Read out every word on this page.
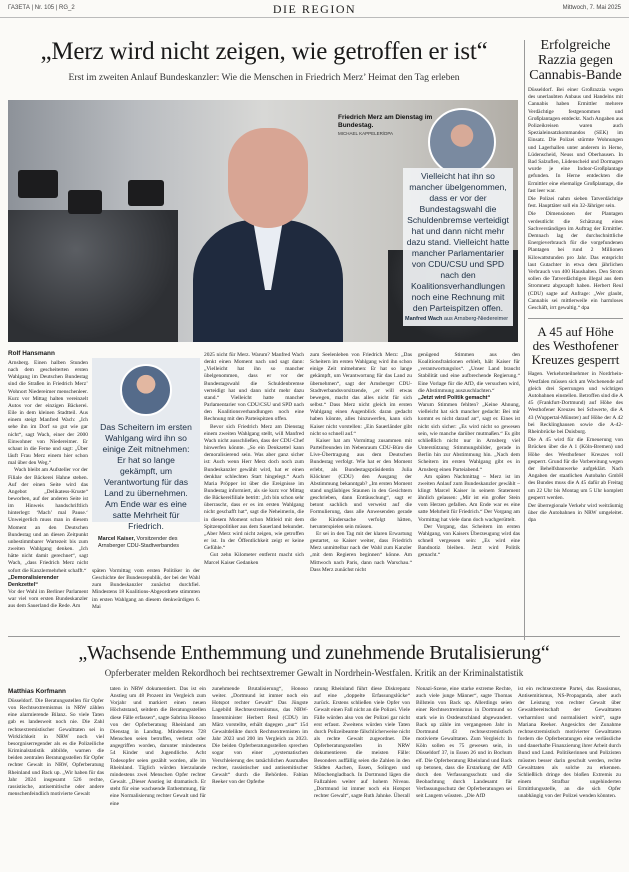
ГАЗЕТА | Nr. 105 | RG_2	DIE REGION	Mittwoch, 7. Mai 2025
„Merz wird nicht zeigen, wie getroffen er ist“
Erst im zweiten Anlauf Bundeskanzler: Wie die Menschen in Friedrich Merz’ Heimat den Tag erleben
Friedrich Merz am Dienstag im Bundestag.
MICHAEL KAPPELER/DPA
Vielleicht hat ihn so mancher übelgenommen, dass er vor der Bundestagswahl die Schuldenbremse verteidigt hat und dann nicht mehr dazu stand. Vielleicht hatte mancher Parlamentarier von CDU/CSU und SPD nach den Koalitionsverhandlungen noch eine Rechnung mit den Parteispitzen offen.
Manfred Wach aus Arnsberg-Niedereimer
Erfolgreiche Razzia gegen Cannabis-Bande

Düsseldorf. Bei einer Großrazzia wegen des unerlaubten Anbaus und Handelns mit Cannabis haben Ermittler mehrere Verdächtige festgenommen und Großplantagen entdeckt. Nach Angaben aus Polizeikreisen waren auch Spezialeinsatzkommandos (SEK) im Einsatz. Die Polizei stürmte Wohnungen und Lagerhallen unter anderem in Herne, Lüdenscheid, Neuss und Oberhausen. In Bad Salzuflen, Lüdenscheid und Dormagen wurde je eine Indoor-Großplantage gefunden. In Herne entdeckten die Ermittler eine ehemalige Großplantage, die fast leer war.

Die Polizei nahm sieben Tatverdächtige fest. Haupttäter soll ein 32-Jähriger sein.

Die Dimensionen der Plantagen verdeutlicht die Schätzung eines Sachverständigen im Auftrag der Ermittler. Demnach lag der durchschnittliche Energieverbrauch für die vorgefundenen Plantagen bei rund 2 Millionen Kilowattstunden pro Jahr. Das entspricht laut Gutachter in etwa dem jährlichen Verbrauch von 400 Haushalten. Den Strom sollen die Tatverdächtigen illegal aus dem Stromnetz abgezapft haben. Herbert Reul (CDU) sagte auf Anfrage: „Wer glaubt, Cannabis sei mittlerweile ein harmloses Geschäft, irrt gewaltig.“ dpa

A 45 auf Höhe des Westhofener Kreuzes gesperrt

Hagen. Verkehrsteilnehmer in Nordrhein-Westfalen müssen sich am Wochenende auf gleich drei Sperrungen und wichtigen Autobahnen einstellen. Betroffen sind die A 45 (Frankfurt-Dortmund) auf Höhe des Westhofener Kreuzes bei Schwerte, die A 43 (Wuppertal-Münster) auf Höhe der A 42 bei Recklinghausen sowie die A-42-Rheinbrücke bei Duisburg.

Die A 45 wird für die Erneuerung von Brücken über die A 1 (Köln-Bremen) und Höhe des Westhofener Kreuzes voll gesperrt. Grund für die Vorbereitung wegen der Behelfsbauwerke aufgeklärt. Nach Angaben der staatlichen Autobahn GmbH des Bundes muss die A 45 dafür ab Freitag um 22 Uhr bis Montag um 5 Uhr komplett gesperrt werden.

Der überregionale Verkehr wird weiträumig über die Autobahnen in NRW umgeleitet. dpa

Rolf Hansmann

Arnsberg. Einen halben Stunden nach dem gescheiterten ersten Wahlgang im Deutschen Bundestag sind die Straßen in Friedrich Merz’ Wohnort Niedereimer menschenleer. Kurz vor Mittag halten vereinzelt Autos vor der einzigen Bäckerei. Eile in dem kleinen Stadtteil. Aus einem steigt Manfred Wach: „Ich sehe ihn im Dorf so gut wie gar nicht“, sagt Wach, einer der 2000 Einwohner von Niedereimer. Er schaut in die Ferne und sagt: „Über läuft Frau Merz einem hier schon mal über den Weg.“

Wach bleibt am Aufsteller vor der Filiale der Bäckerei Hahne stehen. Auf der einen Seite wird das Angebot „Delikatess-Kruste“ beworben, auf der anderen Seite ist im Hinweis handschriftlich hinterlegt: ‘Mach’ mal Pause.‘ Unweigerlich muss man in diesem Moment an den Deutschen Bundestag und an diesen Zeitpunkt unbestimmbarer Wartezeit bis zum zweiten Wahlgang denken. „Ich hätte nicht damit gerechnet“, sagt Wach, „dass Friedrich Merz nicht sofort die Kanzlermehrheit schafft.“

„Demoralisierender Denkzettel“

Vor der Wahl im Berliner Parlament war viel vom ersten Bundeskanzler aus dem Sauerland die Rede. Am

Das Scheitern im ersten Wahlgang wird ihn so einige Zeit mitnehmen: Er hat so lange gekämpft, um Verantwortung für das Land zu übernehmen. Am Ende war es eine satte Mehrheit für Friedrich.
Marcel Kaiser, Vorsitzender des Arnsberger CDU-Stadtverbandes

späten Vormittag vom ersten Politiker in der Geschichte der Bundesrepublik, der bei der Wahl zum Bundeskanzler zunächst durchfiel. Mindestens 18 Koalitions-Abgeordnete stimmten im ersten Wahlgang an diesem denkwürdigen 6. Mai

2025 nicht für Merz. Warum? Manfred Wach denkt einen Moment nach und sagt dann: „Vielleicht hat ihn so mancher übelgenommen, dass er vor der Bundestagswahl die Schuldenbremse verteidigt hat und dann nicht mehr dazu stand.“ Vielleicht hatte mancher Parlamentarier von CDU/CSU und SPD nach den Koalitionsverhandlungen noch eine Rechnung mit den Parteispitzen offen.

Bevor sich Friedrich Merz am Dienstag einem zweiten Wahlgang stellt, will Manfred Wach nicht ausschließen, dass der CDU-Chef hinwerfen könnte. „So ein Denkzettel kann demoralisierend sein. Was aber ganz sicher ist: Auch wenn Herr Merz doch noch zum Bundeskanzler gewählt wird, hat er einen denkbar schlechten Start hingelegt.“ Auch Maria Pröpper ist über die Ereignisse im Bundestag informiert, als sie kurz vor Mittag die Bäckereifiliale betritt: „Ich bin schon sehr überrascht, dass er es im ersten Wahlgang nicht geschafft hat“, sagt die Neheimerin, die in diesem Moment schon Mitleid mit dem Spitzenpolitiker aus dem Sauerland bekundet. „Aber Merz wird nicht zeigen, wie getroffen er ist. In der Öffentlichkeit zeigt er keine Gefühle.“

Gut zehn Kilometer entfernt macht sich Marcel Kaiser Gedanken

zum Seelenleben von Friedrich Merz: „Das Scheitern im ersten Wahlgang wird ihn schon einige Zeit mitnehmen: Er hat so lange gekämpft, um Verantwortung für das Land zu übernehmen“, sagt der Arnsberger CDU-Stadtverbandsvorsitzende, „er will etwas bewegen, macht das alles nicht für sich selbst.“ Dass Merz nicht gleich im ersten Wahlgang einen Augenblick daran gedacht haben könnte, alles hinzuwerfen, kann sich Kaiser nicht vorstellen: „Ein Sauerländer gibt nicht so schnell auf.“

Kaiser hat am Vormittag zusammen mit Parteifreunden im Nebenraum CDU-Büro die Live-Übertragung aus dem Deutschen Bundestag verfolgt. Wie hat er den Moment erlebt, als Bundestagspräsidentin Julia Klöckner (CDU) den Ausgang der Abstimmung bekanntgab? „Im ersten Moment stand ungläubiges Staunen in den Gesichtern geschrieben, dann Enttäuschung“, sagt er betont sachlich und verweist auf die Formulierung, dass alle Anwesenden gerade die Kindersache verfolgt hätten, herunterspielen sein müssen.

Er sei in den Tag mit der klaren Erwartung gestartet, so Kaiser weiter, dass Friedrich Merz unmittelbar nach der Wahl zum Kanzler „mit dem Regieren beginnen“ könne. Am Mittwoch nach Paris, dann nach Warschau.“ Dass Merz zunächst nicht

genügend Stimmen aus den Koalitionsfraktionen erhielt, hält Kaiser für „verantwortungslos“. „Unser Land braucht Stabilität und eine aufbrechende Regierung.“ Eine Vorlage für die AfD, die versuchen wird, die Abstimmung auszuschlachten.“

„Jetzt wird Politik gemacht“

Warum Stimmen fehlten? „Keine Ahnung, vielleicht hat sich mancher gedacht: Bei mir kommt es nicht darauf an“, sagt er. Eines ist nicht sich sicher: „Es wird nicht so gewesen sein, wie manche darüber mutmaßen.“ Es gibt schließlich nicht nur in Arnsberg viel Unterstützung Stimmungsbilder, gerade in Berlin hin zur Abstimmung hin. „Nach dem Scheitern im ersten Wahlgang gibt es in Arnsberg einen Parteiabend.“

Am späten Nachmittag – Merz ist im zweiten Anlauf zum Bundeskanzler gewählt – klingt Marcel Kaiser in seinem Statement ähnlich gelassen: „Mir ist ein großer Stein vom Herzen gefallen. Am Ende war es eine satte Mehrheit für Friedrich.“ Der Vorgang am Vormittag hat viele dann doch wachgerüttelt.

Der Vorgang, das Scheitern im ersten Wahlgang, von Kaisers Überzeugung wird das schnell vergessen sein: „Es wird eine Bandnotiz bleiben. Jetzt wird Politik gemacht.“

„Wachsende Enthemmung und zunehmende Brutalisierung“
Opferberater melden Rekordhoch bei rechtsextremer Gewalt in Nordrhein-Westfalen. Kritik an der Kriminalstatistik
Matthias Korfmann

Düsseldorf. Die Beratungsstellen für Opfer von Rechtsextremismus in NRW zählen eine alarmierende Bilanz. So viele Taten gab es landesweit noch nie. Die Zahl rechtsextremistischer Gewalttaten sei in Wirklichkeit in NRW noch viel besorgniserregender als es die Polizeiliche Kriminalstatistik abbilde, warnen die beiden zentralen Beratungsstellen für Opfer rechter Gewalt in NRW, Opferberatung Rheinland und Back up. „Wir haben für das Jahr 2024 insgesamt 526 rechte, rassistische, antisemitische oder andere menschenfeindlich motivierte Gewalt

taten in NRW dokumentiert. Das ist ein Anstieg um 48 Prozent im Vergleich zum Vorjahr und markiert einen neuen Höchststand, seitdem die Beratungsstellen diese Fälle erfassen“, sagte Sabrina Honoso von der Opferberatung Rheinland am Dienstag in Landtag. Mindestens 728 Menschen seien betroffen, verletzt oder angegriffen worden, darunter mindestens 54 Kinder und Jugendliche. Acht Todesopfer seien gezählt worden, alle im Rheinland. Täglich würden hierzulande mindestens zwei Menschen Opfer rechter Gewalt. „Dieser Anstieg ist dramatisch. Er steht für eine wachsende Enthemmung, für eine Normalisierung rechter Gewalt und für eine

zunehmende Brutalisierung“, Honoso weiter. „Dortmund ist immer noch ein Hotspot rechter Gewalt“ Das Jüngste Lagebild Rechtsextremismus, das NRW-Innenminister Herbert Reul (CDU) im März vorstellte, erhält dagegen „nur“ 154 Gewaltdelikte durch Rechtsextremisten im Jahr 2023 und 200 im Vergleich zu 2023. Die beiden Opferberatungsstellen sprechen sogar von einer „systematischen Verschleierung des tatsächlichen Ausmaßes rechter, rassistischer und antisemitischer Gewalt“ durch die Behörden. Fabian Reeker von der Opferbe

ratung Rheinland führt diese Diskrepanz auf eine „doppelte Erfassungslücke“ zurück. Erstens schließen viele Opfer von Gewalt einen Fall nicht an die Polizei. Viele Fälle würden also von der Polizei gar nicht erst erfasst. Zweitens würden viele Taten durch Polizeibeamte fälschlicherweise nicht als rechte Gewalt zugeordnet. Die Opferberatungsstellen in NRW dokumentieren die meisten Fälle: Besonders auffällig seien die Zahlen in den Städten Aachen, Essen, Solingen und Mönchengladbach. In Dortmund lägen die Fallzahlen weiter auf hohem Niveau. „Dortmund ist immer noch ein Hotspot rechter Gewalt“, sagte Ruth Jahnke. Überall

Nonazi-Szene, eine starke extreme Rechte, auch viele junge Männer“, sagte Thomas Billstein von Back up. Allerdings seien einer Rechtsextremismus in Dortmund so stark wie in Ostdeutschland abgewandert. Back up zähle im vergangenen Jahr in Dortmund 43 rechtsextremistisch motivierte Gewalttaten. Zum Vergleich: In Köln sollen es 75 gewesen sein, in Düsseldorf 37, in Essen 26 und in Bochum elf. Die Opferberatung Rheinland und Back up betonen, dass die Erstarkung der AfD durch den Verfassungsschutz und die Beobachtung durch Landesamt für Verfassungsschutz der Opferberatungen sei seit Langem wüssten. „Die AfD

ist ein rechtsextreme Partei, das Rassismus, Antisemitismus, NS-Propaganda, aber auch der Leistung von rechter Gewalt über Gewaltbereitschaft der Gewalttaten verharmlost und normalisiert wird“, sagte Mariana Reeker. Angesichts der Zunahme rechtsextremistisch motivierter Gewalttaten fordern die Opferberatungen eine verlässliche und dauerhafte Finanzierung ihrer Arbeit durch Bund und Land. Politikerinnen und Polizisten müssten besser darin geschult werden, rechte Gewalttaten als solche zu erkennen. Schließlich dringe des bloßen Extremis zu einem Strafbar ungehinderten Ermittlungsstelle, an die sich Opfer unabhängig von der Polizei wenden könnten.
